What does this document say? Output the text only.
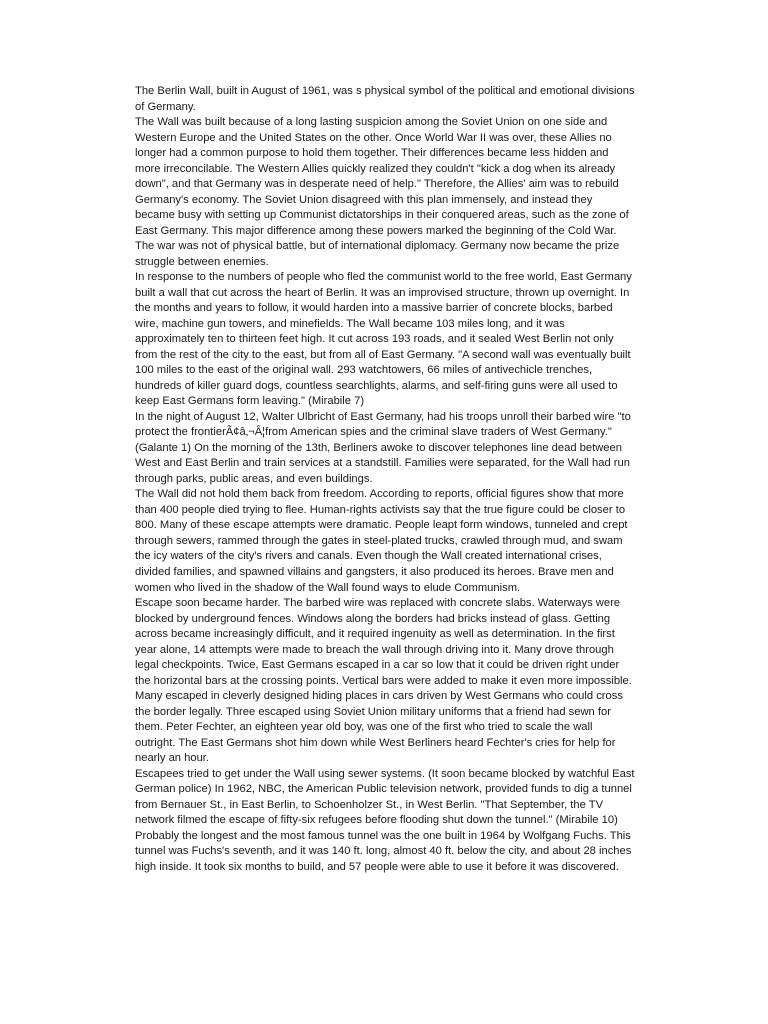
The Berlin Wall, built in August of 1961, was s physical symbol of the political and emotional divisions of Germany.

The Wall was built because of a long lasting suspicion among the Soviet Union on one side and Western Europe and the United States on the other. Once World War II was over, these Allies no longer had a common purpose to hold them together. Their differences became less hidden and more irreconcilable. The Western Allies quickly realized they couldn't "kick a dog when its already down", and that Germany was in desperate need of help." Therefore, the Allies' aim was to rebuild Germany's economy. The Soviet Union disagreed with this plan immensely, and instead they became busy with setting up Communist dictatorships in their conquered areas, such as the zone of East Germany. This major difference among these powers marked the beginning of the Cold War. The war was not of physical battle, but of international diplomacy. Germany now became the prize struggle between enemies.

In response to the numbers of people who fled the communist world to the free world, East Germany built a wall that cut across the heart of Berlin. It was an improvised structure, thrown up overnight. In the months and years to follow, it would harden into a massive barrier of concrete blocks, barbed wire, machine gun towers, and minefields. The Wall became 103 miles long, and it was approximately ten to thirteen feet high. It cut across 193 roads, and it sealed West Berlin not only from the rest of the city to the east, but from all of East Germany. "A second wall was eventually built 100 miles to the east of the original wall. 293 watchtowers, 66 miles of antivechicle trenches, hundreds of killer guard dogs, countless searchlights, alarms, and self-firing guns were all used to keep East Germans form leaving." (Mirabile 7)

In the night of August 12, Walter Ulbricht of East Germany, had his troops unroll their barbed wire "to protect the frontierÃ¢â‚¬Â¦from American spies and the criminal slave traders of West Germany." (Galante 1) On the morning of the 13th, Berliners awoke to discover telephones line dead between West and East Berlin and train services at a standstill. Families were separated, for the Wall had run through parks, public areas, and even buildings.

The Wall did not hold them back from freedom. According to reports, official figures show that more than 400 people died trying to flee. Human-rights activists say that the true figure could be closer to 800. Many of these escape attempts were dramatic. People leapt form windows, tunneled and crept through sewers, rammed through the gates in steel-plated trucks, crawled through mud, and swam the icy waters of the city's rivers and canals. Even though the Wall created international crises, divided families, and spawned villains and gangsters, it also produced its heroes. Brave men and women who lived in the shadow of the Wall found ways to elude Communism.

Escape soon became harder. The barbed wire was replaced with concrete slabs. Waterways were blocked by underground fences. Windows along the borders had bricks instead of glass. Getting across became increasingly difficult, and it required ingenuity as well as determination. In the first year alone, 14 attempts were made to breach the wall through driving into it. Many drove through legal checkpoints. Twice, East Germans escaped in a car so low that it could be driven right under the horizontal bars at the crossing points. Vertical bars were added to make it even more impossible. Many escaped in cleverly designed hiding places in cars driven by West Germans who could cross the border legally. Three escaped using Soviet Union military uniforms that a friend had sewn for them. Peter Fechter, an eighteen year old boy, was one of the first who tried to scale the wall outright. The East Germans shot him down while West Berliners heard Fechter's cries for help for nearly an hour.

Escapees tried to get under the Wall using sewer systems. (It soon became blocked by watchful East German police) In 1962, NBC, the American Public television network, provided funds to dig a tunnel from Bernauer St., in East Berlin, to Schoenholzer St., in West Berlin. "That September, the TV network filmed the escape of fifty-six refugees before flooding shut down the tunnel." (Mirabile 10) Probably the longest and the most famous tunnel was the one built in 1964 by Wolfgang Fuchs. This tunnel was Fuchs's seventh, and it was 140 ft. long, almost 40 ft. below the city, and about 28 inches high inside. It took six months to build, and 57 people were able to use it before it was discovered.
